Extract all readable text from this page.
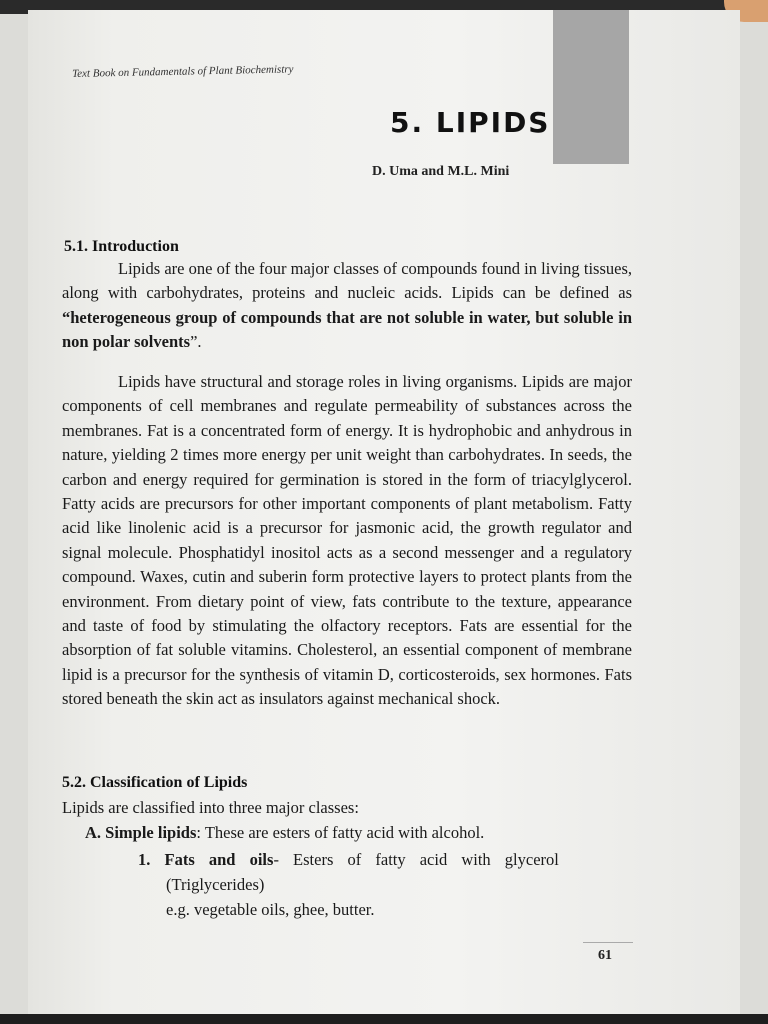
Text Book on Fundamentals of Plant Biochemistry
5. LIPIDS
D. Uma and M.L. Mini
5.1. Introduction
Lipids are one of the four major classes of compounds found in living tissues, along with carbohydrates, proteins and nucleic acids. Lipids can be defined as “heterogeneous group of compounds that are not soluble in water, but soluble in non polar solvents”.
Lipids have structural and storage roles in living organisms. Lipids are major components of cell membranes and regulate permeability of substances across the membranes. Fat is a concentrated form of energy. It is hydrophobic and anhydrous in nature, yielding 2 times more energy per unit weight than carbohydrates. In seeds, the carbon and energy required for germination is stored in the form of triacylglycerol. Fatty acids are precursors for other important components of plant metabolism. Fatty acid like linolenic acid is a precursor for jasmonic acid, the growth regulator and signal molecule. Phosphatidyl inositol acts as a second messenger and a regulatory compound. Waxes, cutin and suberin form protective layers to protect plants from the environment. From dietary point of view, fats contribute to the texture, appearance and taste of food by stimulating the olfactory receptors. Fats are essential for the absorption of fat soluble vitamins. Cholesterol, an essential component of membrane lipid is a precursor for the synthesis of vitamin D, corticosteroids, sex hormones. Fats stored beneath the skin act as insulators against mechanical shock.
5.2. Classification of Lipids
Lipids are classified into three major classes:
A. Simple lipids: These are esters of fatty acid with alcohol.
1. Fats and oils- Esters of fatty acid with glycerol
(Triglycerides)
e.g. vegetable oils, ghee, butter.
61
